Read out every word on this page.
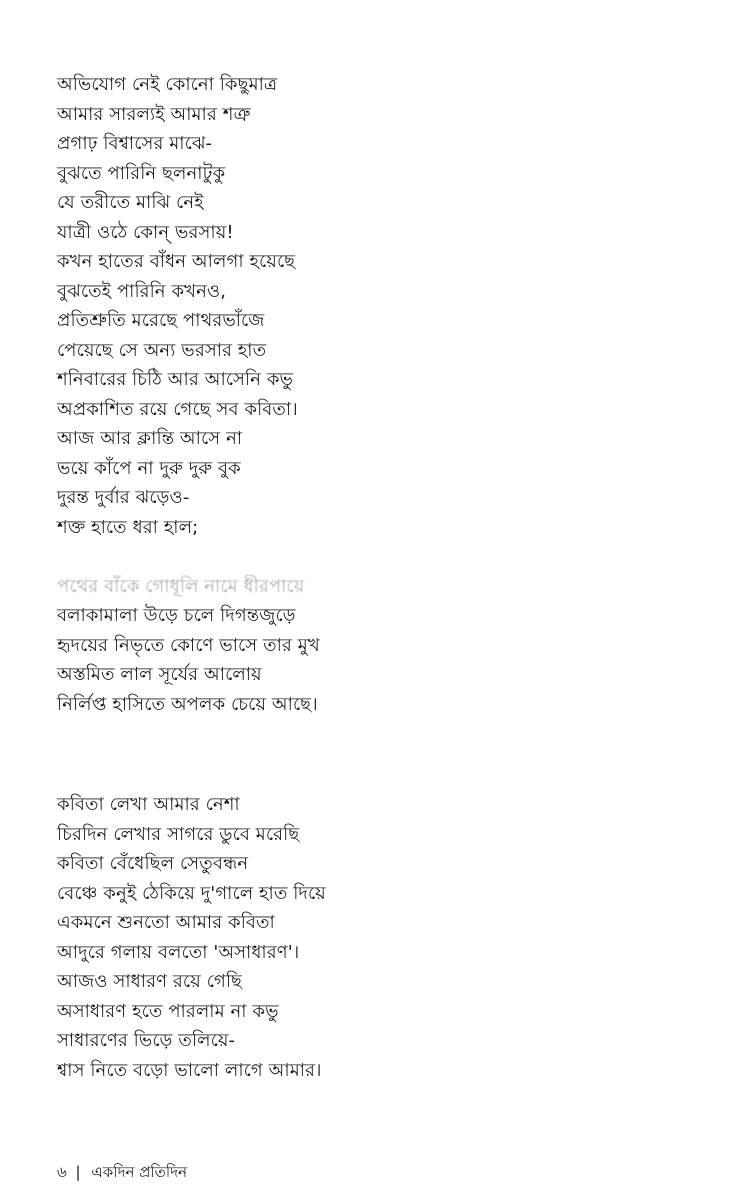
অভিযোগ নেই কোনো কিছুমাত্র
আমার সারল্যই আমার শত্রু
প্রগাঢ় বিশ্বাসের মাঝে-
বুঝতে পারিনি ছলনাটুকু
যে তরীতে মাঝি নেই
যাত্রী ওঠে কোন্ ভরসায়!
কখন হাতের বাঁধন আলগা হয়েছে
বুঝতেই পারিনি কখনও,
প্রতিশ্রুতি মরেছে পাথরভাঁজে
পেয়েছে সে অন্য ভরসার হাত
শনিবারের চিঠি আর আসেনি কভু
অপ্রকাশিত রয়ে গেছে সব কবিতা।
আজ আর ক্লান্তি আসে না
ভয়ে কাঁপে না দুরু দুরু বুক
দুরন্ত দুর্বার ঝড়েও-
শক্ত হাতে ধরা হাল;
পথের বাঁকে গোধূলি নামে ধীরপায়ে
বলাকামালা উড়ে চলে দিগন্তজুড়ে
হৃদয়ের নিভৃতে কোণে ভাসে তার মুখ
অস্তমিত লাল সূর্যের আলোয়
নির্লিপ্ত হাসিতে অপলক চেয়ে আছে।
কবিতা লেখা আমার নেশা
চিরদিন লেখার সাগরে ডুবে মরেছি
কবিতা বেঁধেছিল সেতুবন্ধন
বেঞ্চে কনুই ঠেকিয়ে দু'গালে হাত দিয়ে
একমনে শুনতো আমার কবিতা
আদুরে গলায় বলতো 'অসাধারণ'।
আজও সাধারণ রয়ে গেছি
অসাধারণ হতে পারলাম না কভু
সাধারণের ভিড়ে তলিয়ে-
শ্বাস নিতে বড়ো ভালো লাগে আমার।
৬ | একদিন প্রতিদিন
